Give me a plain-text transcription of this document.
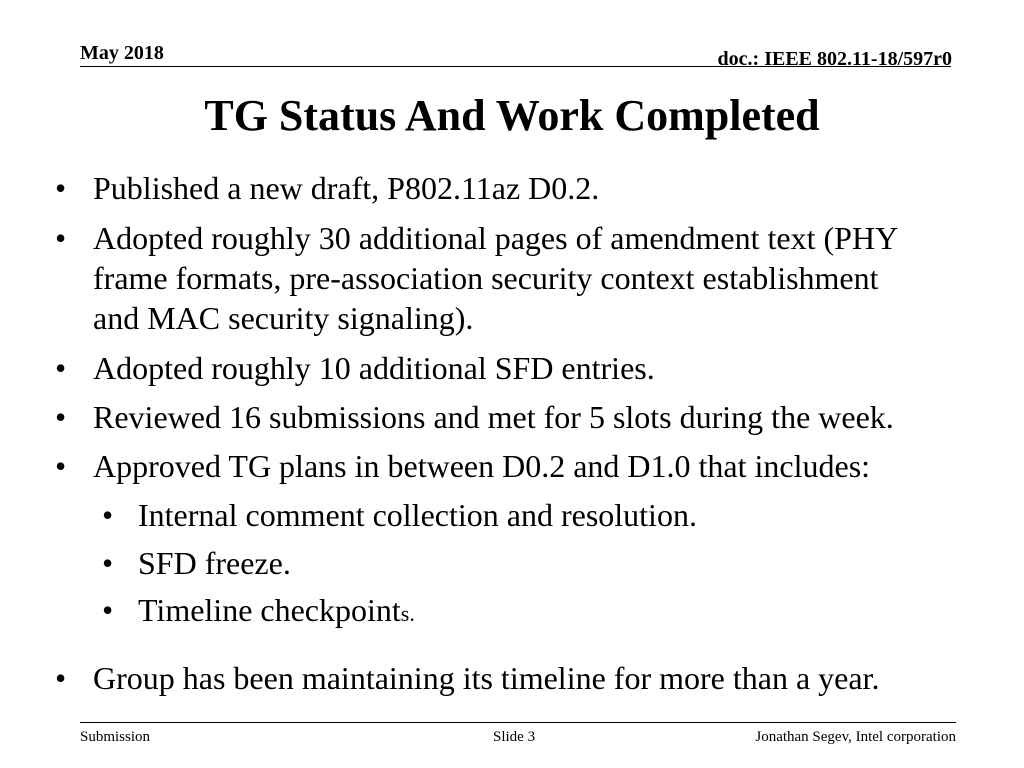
May 2018	doc.: IEEE 802.11-18/597r0
TG Status And Work Completed
• Published a new draft, P802.11az D0.2.
• Adopted roughly 30 additional pages of amendment text (PHY
frame formats, pre-association security context establishment
and MAC security signaling).
• Adopted roughly 10 additional SFD entries.
• Reviewed 16 submissions and met for 5 slots during the week.
• Approved TG plans in between D0.2 and D1.0 that includes:
• Internal comment collection and resolution.
• SFD freeze.
• Timeline checkpoints.
• Group has been maintaining its timeline for more than a year.
Submission	Slide 3	Jonathan Segev, Intel corporation
